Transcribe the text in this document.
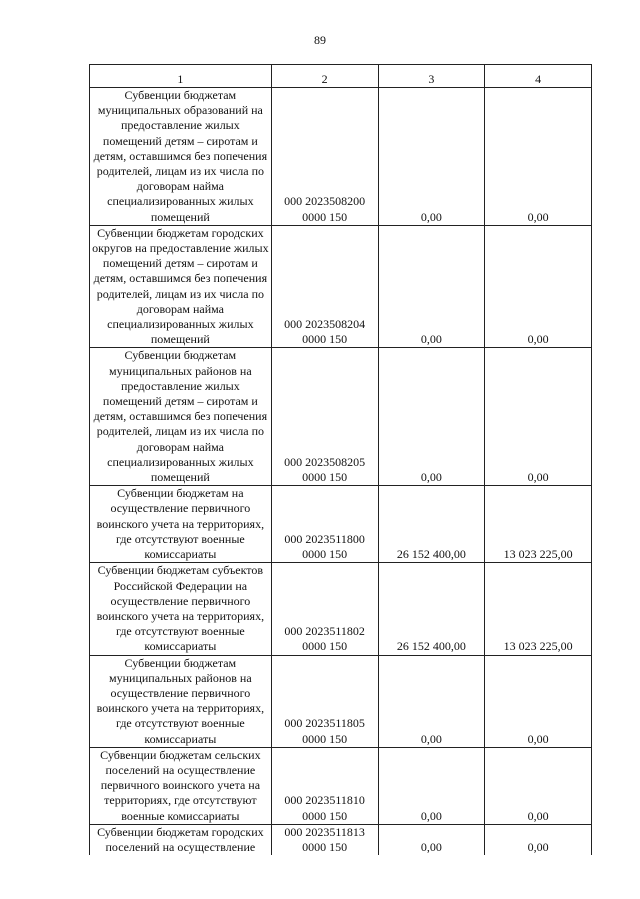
89
1	2	3	4
Субвенции бюджетам муниципальных образований на предоставление жилых помещений детям – сиротам и детям, оставшимся без попечения родителей, лицам из их числа по договорам найма специализированных жилых помещений	000 2023508200 0000 150	0,00	0,00
Субвенции бюджетам городских округов на предоставление жилых помещений детям – сиротам и детям, оставшимся без попечения родителей, лицам из их числа по договорам найма специализированных жилых помещений	000 2023508204 0000 150	0,00	0,00
Субвенции бюджетам муниципальных районов на предоставление жилых помещений детям – сиротам и детям, оставшимся без попечения родителей, лицам из их числа по договорам найма специализированных жилых помещений	000 2023508205 0000 150	0,00	0,00
Субвенции бюджетам на осуществление первичного воинского учета на территориях, где отсутствуют военные комиссариаты	000 2023511800 0000 150	26 152 400,00	13 023 225,00
Субвенции бюджетам субъектов Российской Федерации на осуществление первичного воинского учета на территориях, где отсутствуют военные комиссариаты	000 2023511802 0000 150	26 152 400,00	13 023 225,00
Субвенции бюджетам муниципальных районов на осуществление первичного воинского учета на территориях, где отсутствуют военные комиссариаты	000 2023511805 0000 150	0,00	0,00
Субвенции бюджетам сельских поселений на осуществление первичного воинского учета на территориях, где отсутствуют военные комиссариаты	000 2023511810 0000 150	0,00	0,00
Субвенции бюджетам городских поселений на осуществление	000 2023511813 0000 150	0,00	0,00
